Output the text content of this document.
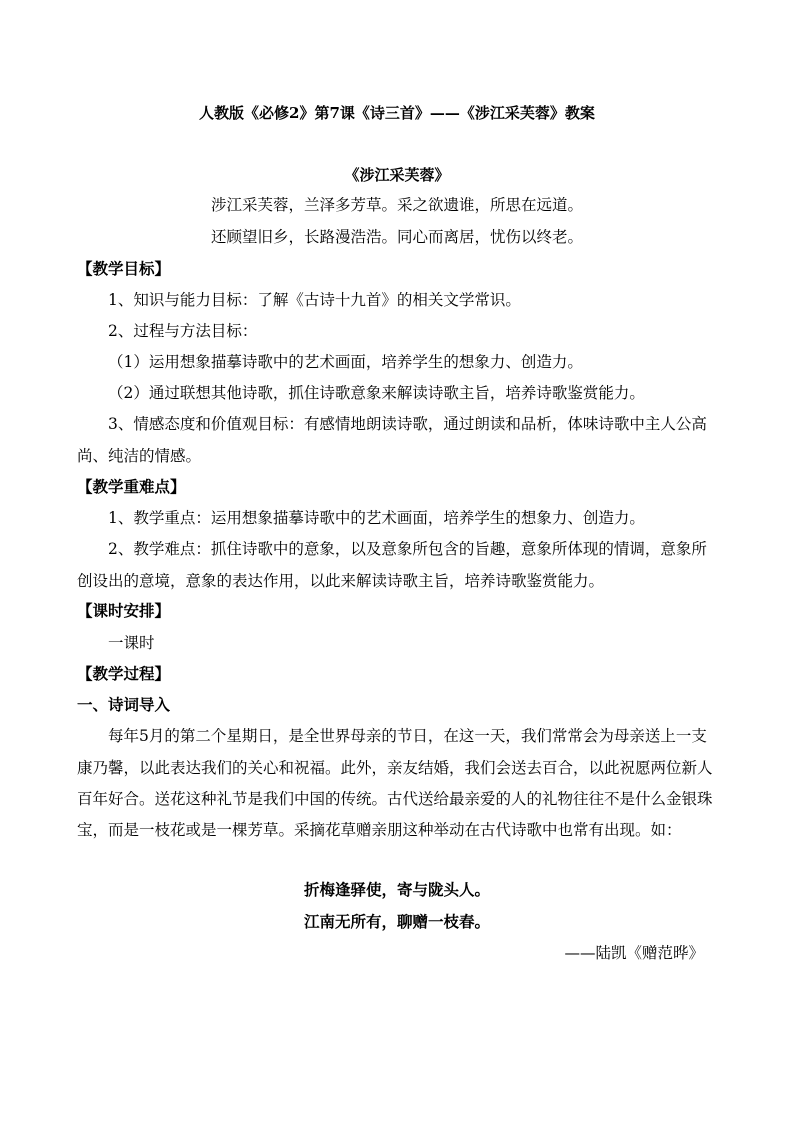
人教版《必修2》第7课《诗三首》——《涉江采芙蓉》教案
《涉江采芙蓉》
涉江采芙蓉，兰泽多芳草。采之欲遗谁，所思在远道。
还顾望旧乡，长路漫浩浩。同心而离居，忧伤以终老。
【教学目标】
1、知识与能力目标：了解《古诗十九首》的相关文学常识。
2、过程与方法目标：
（1）运用想象描摹诗歌中的艺术画面，培养学生的想象力、创造力。
（2）通过联想其他诗歌，抓住诗歌意象来解读诗歌主旨，培养诗歌鉴赏能力。
3、情感态度和价值观目标：有感情地朗读诗歌，通过朗读和品析，体味诗歌中主人公高
尚、纯洁的情感。
【教学重难点】
1、教学重点：运用想象描摹诗歌中的艺术画面，培养学生的想象力、创造力。
2、教学难点：抓住诗歌中的意象，以及意象所包含的旨趣，意象所体现的情调，意象所
创设出的意境，意象的表达作用，以此来解读诗歌主旨，培养诗歌鉴赏能力。
【课时安排】
一课时
【教学过程】
一、诗词导入
每年5月的第二个星期日，是全世界母亲的节日，在这一天，我们常常会为母亲送上一支
康乃馨，以此表达我们的关心和祝福。此外，亲友结婚，我们会送去百合，以此祝愿两位新人
百年好合。送花这种礼节是我们中国的传统。古代送给最亲爱的人的礼物往往不是什么金银珠
宝，而是一枝花或是一棵芳草。采摘花草赠亲朋这种举动在古代诗歌中也常有出现。如：
折梅逢驿使，寄与陇头人。
江南无所有，聊赠一枝春。
——陆凯《赠范晔》
